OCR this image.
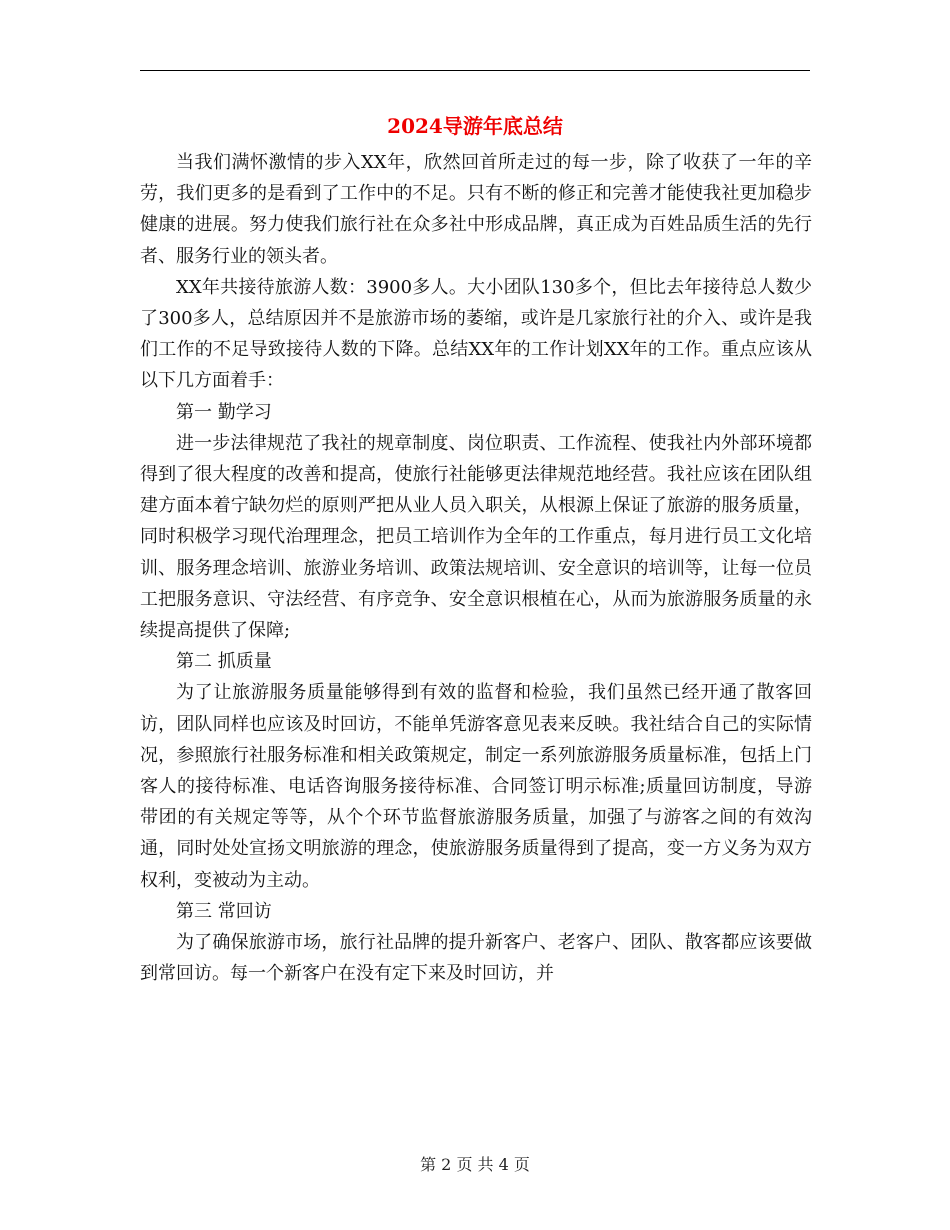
2024导游年底总结

当我们满怀激情的步入XX年，欣然回首所走过的每一步，除了收获了一年的辛劳，我们更多的是看到了工作中的不足。只有不断的修正和完善才能使我社更加稳步健康的进展。努力使我们旅行社在众多社中形成品牌，真正成为百姓品质生活的先行者、服务行业的领头者。

XX年共接待旅游人数：3900多人。大小团队130多个，但比去年接待总人数少了300多人，总结原因并不是旅游市场的萎缩，或许是几家旅行社的介入、或许是我们工作的不足导致接待人数的下降。总结XX年的工作计划XX年的工作。重点应该从以下几方面着手：

第一 勤学习

进一步法律规范了我社的规章制度、岗位职责、工作流程、使我社内外部环境都得到了很大程度的改善和提高，使旅行社能够更法律规范地经营。我社应该在团队组建方面本着宁缺勿烂的原则严把从业人员入职关，从根源上保证了旅游的服务质量，同时积极学习现代治理理念，把员工培训作为全年的工作重点，每月进行员工文化培训、服务理念培训、旅游业务培训、政策法规培训、安全意识的培训等，让每一位员工把服务意识、守法经营、有序竞争、安全意识根植在心，从而为旅游服务质量的永续提高提供了保障;

第二 抓质量

为了让旅游服务质量能够得到有效的监督和检验，我们虽然已经开通了散客回访，团队同样也应该及时回访，不能单凭游客意见表来反映。我社结合自己的实际情况，参照旅行社服务标准和相关政策规定，制定一系列旅游服务质量标准，包括上门客人的接待标准、电话咨询服务接待标准、合同签订明示标准;质量回访制度，导游带团的有关规定等等，从个个环节监督旅游服务质量，加强了与游客之间的有效沟通，同时处处宣扬文明旅游的理念，使旅游服务质量得到了提高，变一方义务为双方权利，变被动为主动。

第三 常回访

为了确保旅游市场，旅行社品牌的提升新客户、老客户、团队、散客都应该要做到常回访。每一个新客户在没有定下来及时回访，并

第 2 页 共 4 页
